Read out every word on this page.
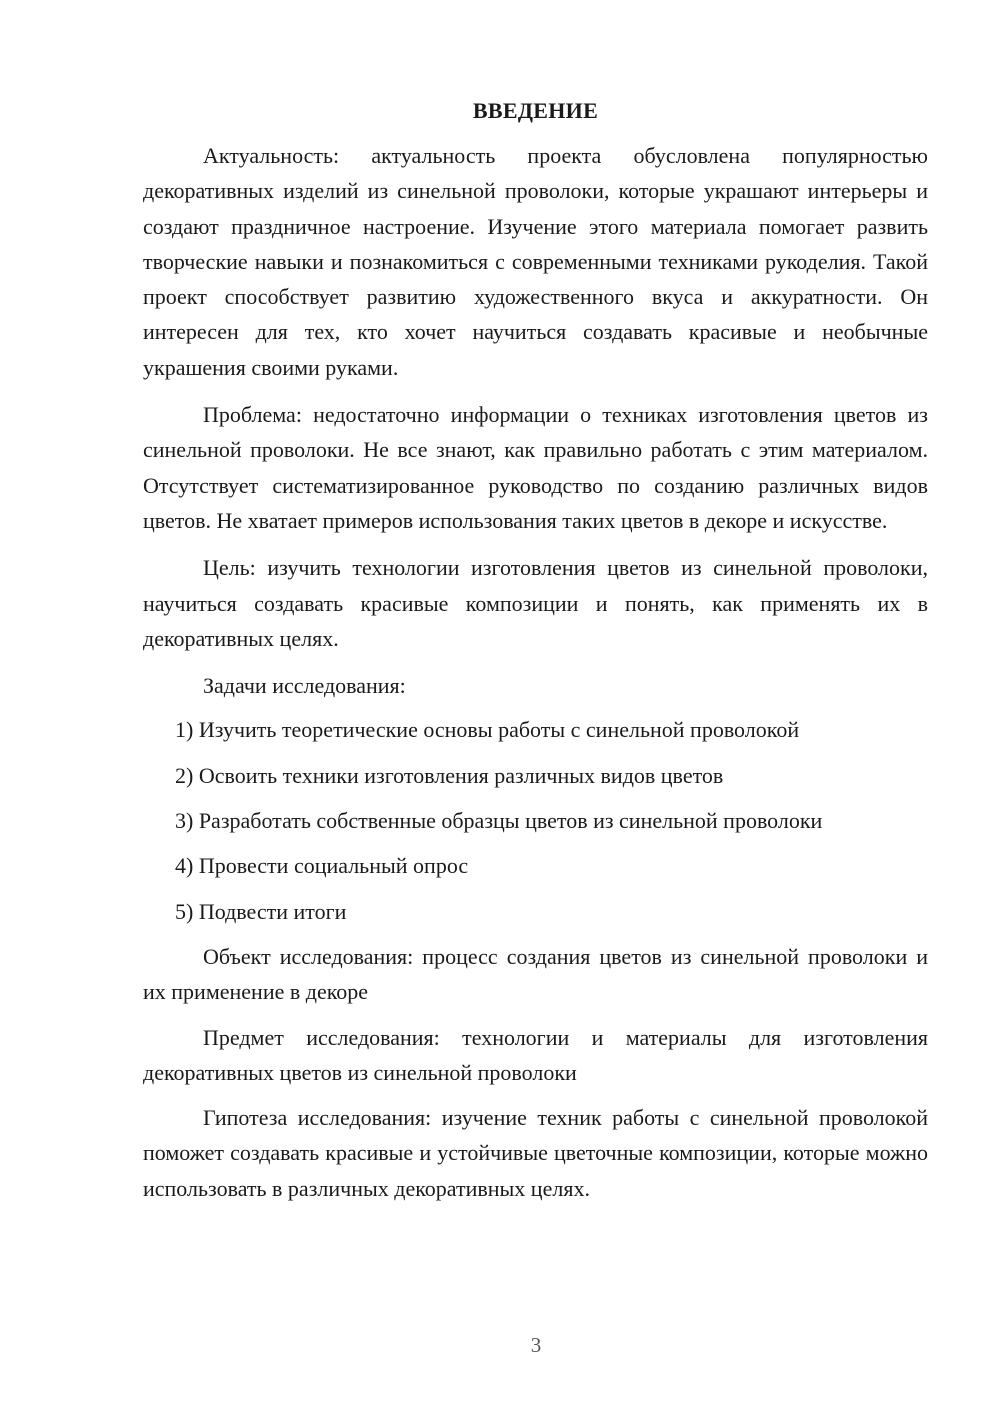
ВВЕДЕНИЕ

Актуальность: актуальность проекта обусловлена популярностью декоративных изделий из синельной проволоки, которые украшают интерьеры и создают праздничное настроение. Изучение этого материала помогает развить творческие навыки и познакомиться с современными техниками рукоделия. Такой проект способствует развитию художественного вкуса и аккуратности. Он интересен для тех, кто хочет научиться создавать красивые и необычные украшения своими руками.

Проблема: недостаточно информации о техниках изготовления цветов из синельной проволоки. Не все знают, как правильно работать с этим материалом. Отсутствует систематизированное руководство по созданию различных видов цветов. Не хватает примеров использования таких цветов в декоре и искусстве.

Цель: изучить технологии изготовления цветов из синельной проволоки, научиться создавать красивые композиции и понять, как применять их в декоративных целях.

Задачи исследования:

1) Изучить теоретические основы работы с синельной проволокой
2) Освоить техники изготовления различных видов цветов
3) Разработать собственные образцы цветов из синельной проволоки
4) Провести социальный опрос
5) Подвести итоги

Объект исследования: процесс создания цветов из синельной проволоки и их применение в декоре

Предмет исследования: технологии и материалы для изготовления декоративных цветов из синельной проволоки

Гипотеза исследования: изучение техник работы с синельной проволокой поможет создавать красивые и устойчивые цветочные композиции, которые можно использовать в различных декоративных целях.

3
